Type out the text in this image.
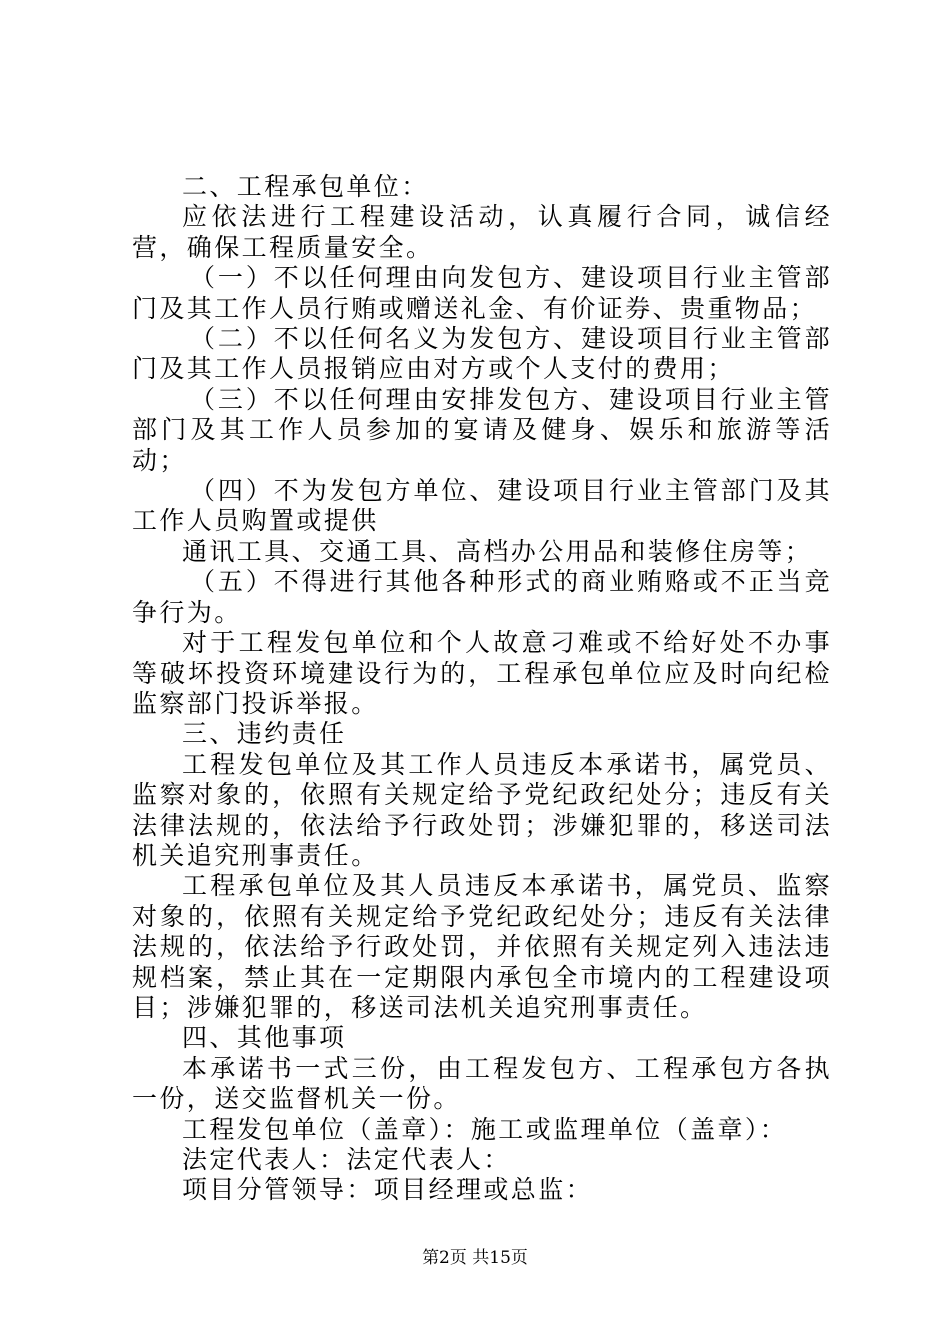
二、工程承包单位：

应依法进行工程建设活动，认真履行合同，诚信经营，确保工程质量安全。

（一）不以任何理由向发包方、建设项目行业主管部门及其工作人员行贿或赠送礼金、有价证券、贵重物品；

（二）不以任何名义为发包方、建设项目行业主管部门及其工作人员报销应由对方或个人支付的费用；

（三）不以任何理由安排发包方、建设项目行业主管部门及其工作人员参加的宴请及健身、娱乐和旅游等活动；

（四）不为发包方单位、建设项目行业主管部门及其工作人员购置或提供

通讯工具、交通工具、高档办公用品和装修住房等；

（五）不得进行其他各种形式的商业贿赂或不正当竞争行为。

对于工程发包单位和个人故意刁难或不给好处不办事等破坏投资环境建设行为的，工程承包单位应及时向纪检监察部门投诉举报。

三、违约责任

工程发包单位及其工作人员违反本承诺书，属党员、监察对象的，依照有关规定给予党纪政纪处分；违反有关法律法规的，依法给予行政处罚；涉嫌犯罪的，移送司法机关追究刑事责任。

工程承包单位及其人员违反本承诺书，属党员、监察对象的，依照有关规定给予党纪政纪处分；违反有关法律法规的，依法给予行政处罚，并依照有关规定列入违法违规档案，禁止其在一定期限内承包全市境内的工程建设项目；涉嫌犯罪的，移送司法机关追究刑事责任。

四、其他事项

本承诺书一式三份，由工程发包方、工程承包方各执一份，送交监督机关一份。

工程发包单位（盖章）：施工或监理单位（盖章）：

法定代表人：法定代表人：

项目分管领导：项目经理或总监：

第2页 共15页
